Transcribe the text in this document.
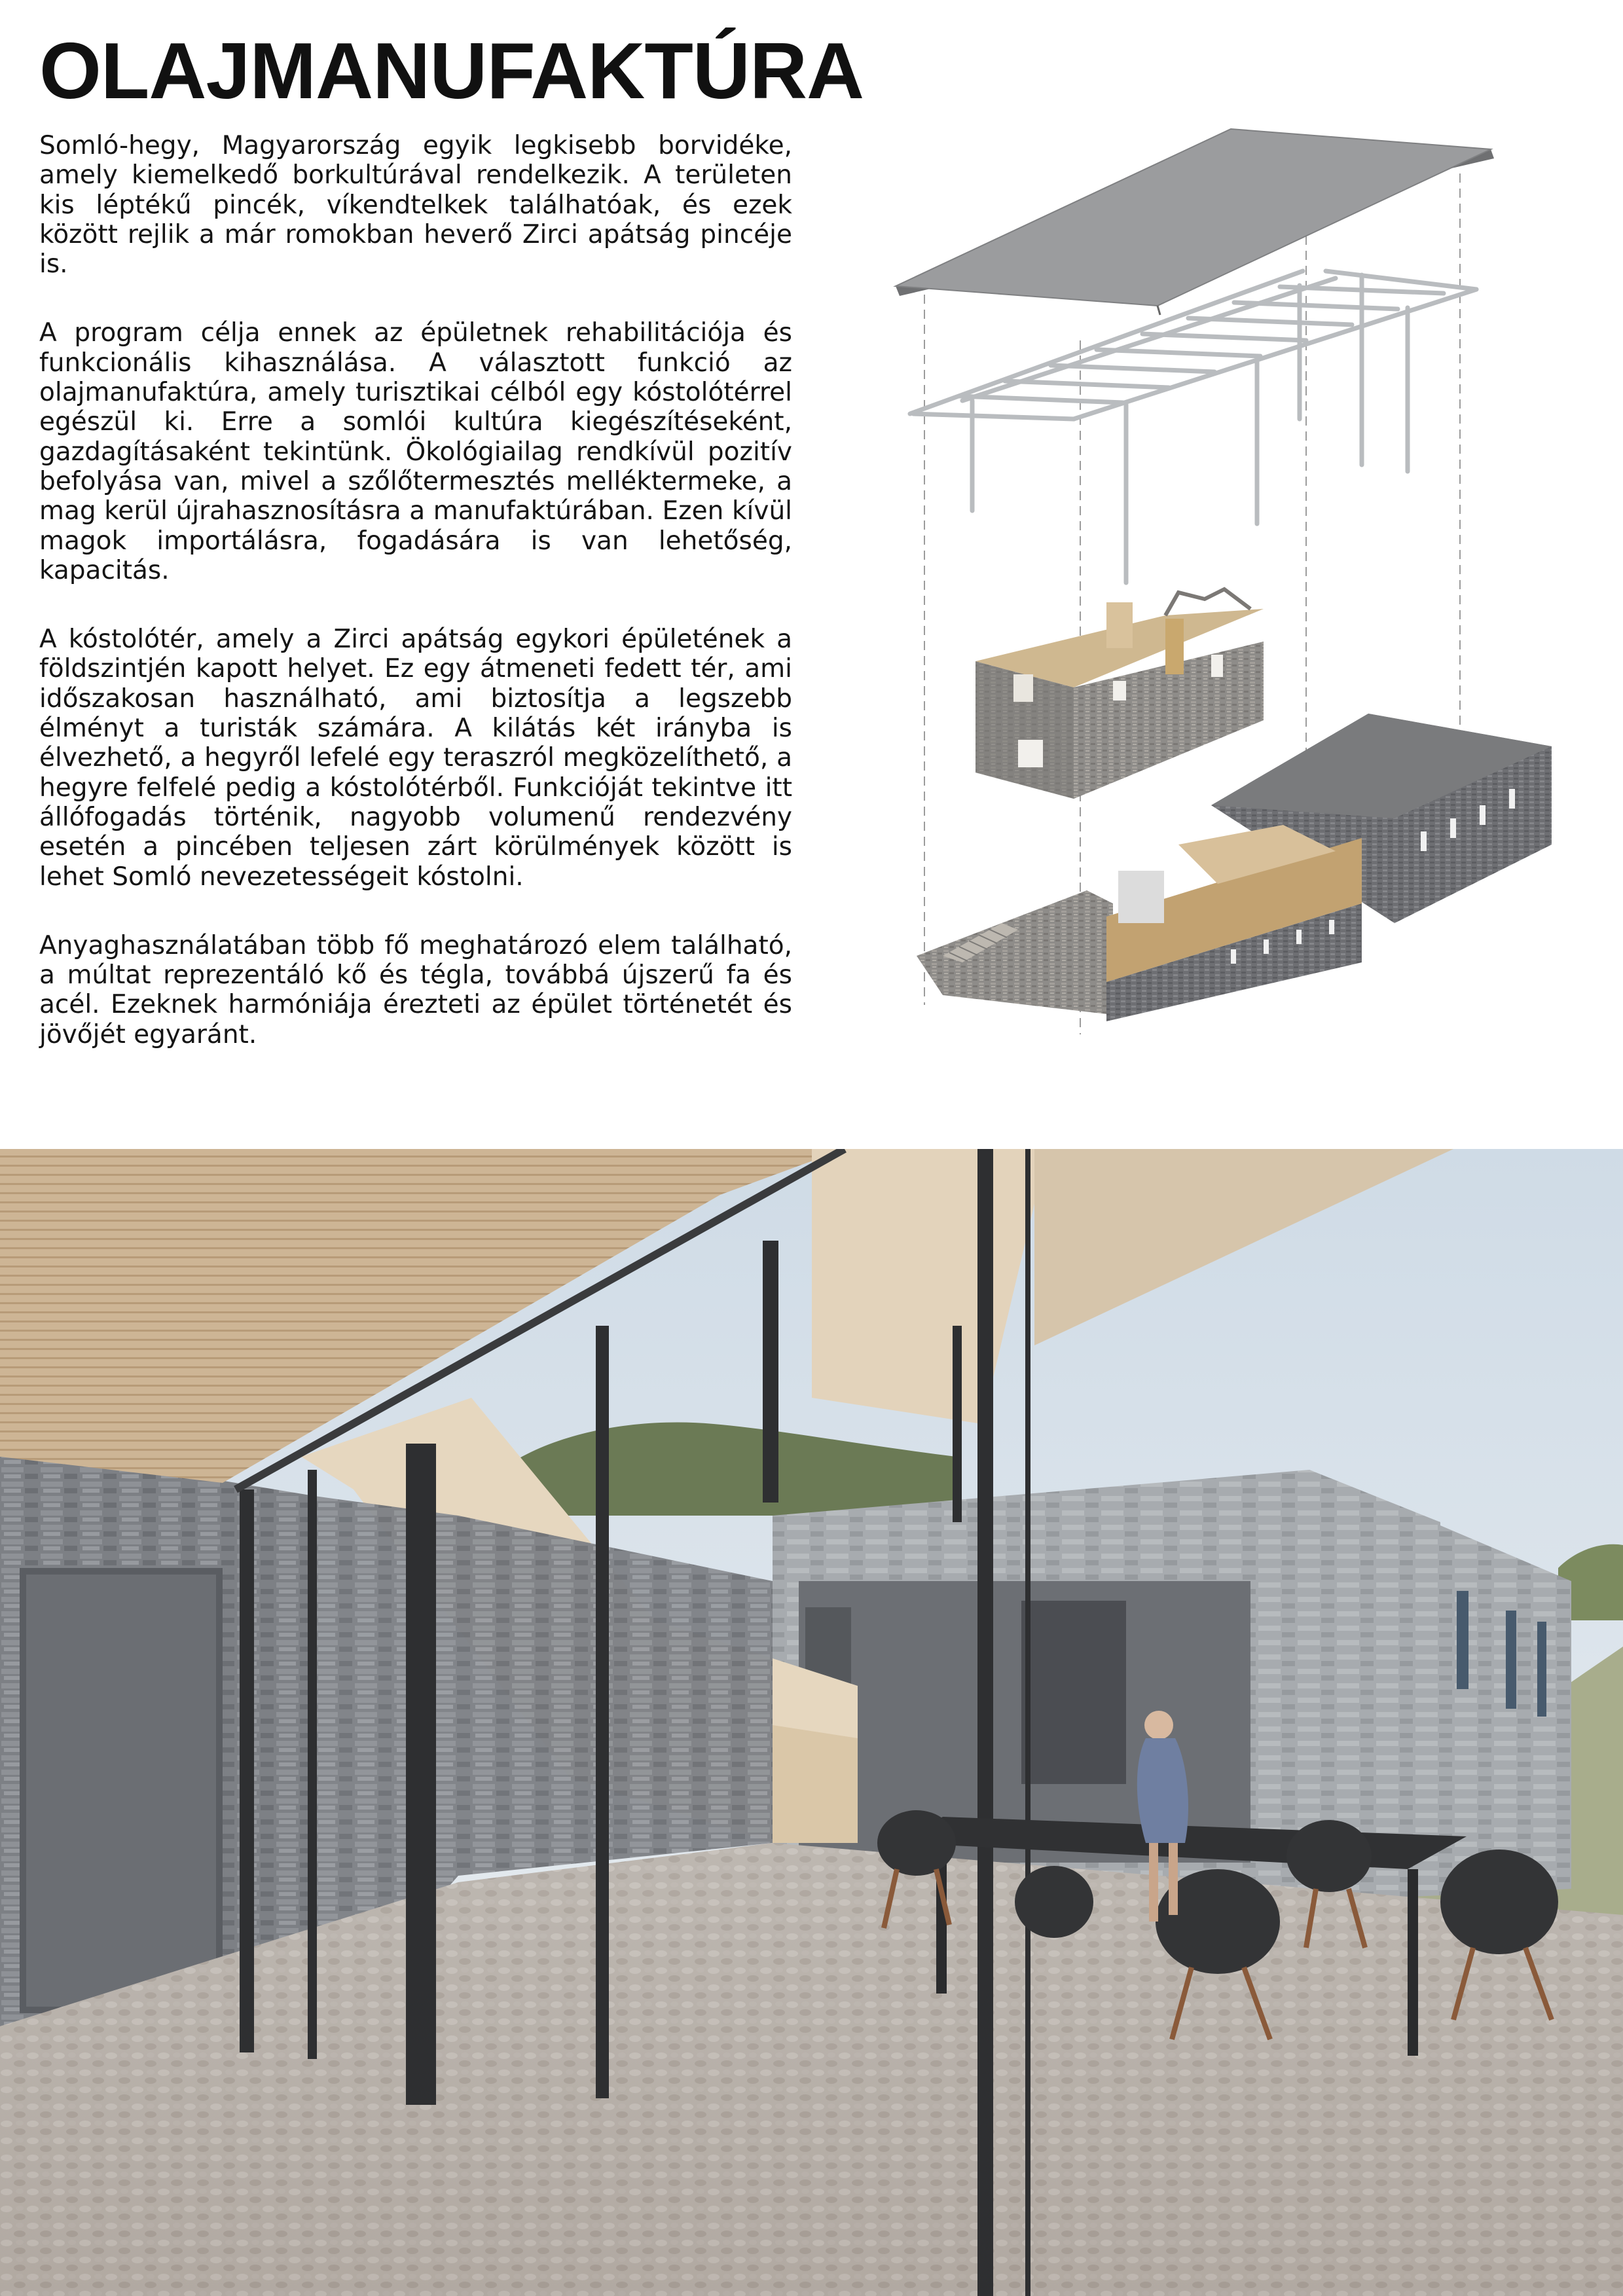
OLAJMANUFAKTÚRA

Somló-hegy, Magyarország egyik legkisebb borvidéke, amely kiemelkedő borkultúrával rendelkezik. A területen kis léptékű pincék, víkendtelkek találhatóak, és ezek között rejlik a már romokban heverő Zirci apátság pincéje is.

A program célja ennek az épületnek rehabilitációja és funkcionális kihasználása. A választott funkció az olajmanufaktúra, amely turisztikai célból egy kóstolótérrel egészül ki. Erre a somlói kultúra kiegészítéseként, gazdagításaként tekintünk. Ökológiailag rendkívül pozitív befolyása van, mivel a szőlőtermesztés melléktermeke, a mag kerül újrahasznosításra a manufaktúrában. Ezen kívül magok importálásra, fogadására is van lehetőség, kapacitás.

A kóstolótér, amely a Zirci apátság egykori épületének a földszintjén kapott helyet. Ez egy átmeneti fedett tér, ami időszakosan használható, ami biztosítja a legszebb élményt a turisták számára. A kilátás két irányba is élvezhető, a hegyről lefelé egy teraszról megközelíthető, a hegyre felfelé pedig a kóstolótérből. Funkcióját tekintve itt állófogadás történik, nagyobb volumenű rendezvény esetén a pincében teljesen zárt körülmények között is lehet Somló nevezetességeit kóstolni.

Anyaghasználatában több fő meghatározó elem található, a múltat reprezentáló kő és tégla, továbbá újszerű fa és acél. Ezeknek harmóniája érezteti az épület történetét és jövőjét egyaránt.
